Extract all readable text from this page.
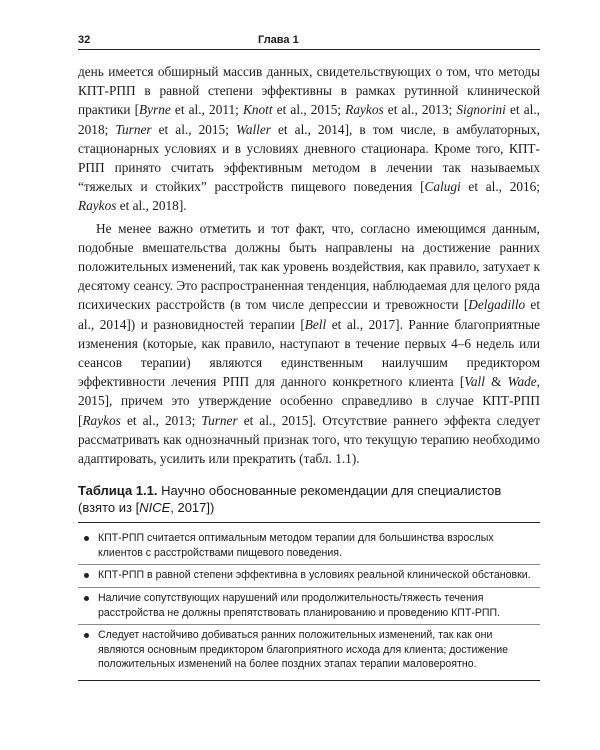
32	Глава 1

день имеется обширный массив данных, свидетельствующих о том, что методы КПТ-РПП в равной степени эффективны в рамках рутинной клинической практики [Byrne et al., 2011; Knott et al., 2015; Raykos et al., 2013; Signorini et al., 2018; Turner et al., 2015; Waller et al., 2014], в том числе, в амбулаторных, стационарных условиях и в условиях дневного стационара. Кроме того, КПТ-РПП принято считать эффективным методом в лечении так называемых “тяжелых и стойких” расстройств пищевого поведения [Calugi et al., 2016; Raykos et al., 2018].

Не менее важно отметить и тот факт, что, согласно имеющимся данным, подобные вмешательства должны быть направлены на достижение ранних положительных изменений, так как уровень воздействия, как правило, затухает к десятому сеансу. Это распространенная тенденция, наблюдаемая для целого ряда психических расстройств (в том числе депрессии и тревожности [Delgadillo et al., 2014]) и разновидностей терапии [Bell et al., 2017]. Ранние благоприятные изменения (которые, как правило, наступают в течение первых 4–6 недель или сеансов терапии) являются единственным наилучшим предиктором эффективности лечения РПП для данного конкретного клиента [Vall & Wade, 2015], причем это утверждение особенно справедливо в случае КПТ-РПП [Raykos et al., 2013; Turner et al., 2015]. Отсутствие раннего эффекта следует рассматривать как однозначный признак того, что текущую терапию необходимо адаптировать, усилить или прекратить (табл. 1.1).

Таблица 1.1. Научно обоснованные рекомендации для специалистов (взято из [NICE, 2017])
КПТ-РПП считается оптимальным методом терапии для большинства взрослых клиентов с расстройствами пищевого поведения.
КПТ-РПП в равной степени эффективна в условиях реальной клинической обстановки.
Наличие сопутствующих нарушений или продолжительность/тяжесть течения расстройства не должны препятствовать планированию и проведению КПТ-РПП.
Следует настойчиво добиваться ранних положительных изменений, так как они являются основным предиктором благоприятного исхода для клиента; достижение положительных изменений на более поздних этапах терапии маловероятно.
